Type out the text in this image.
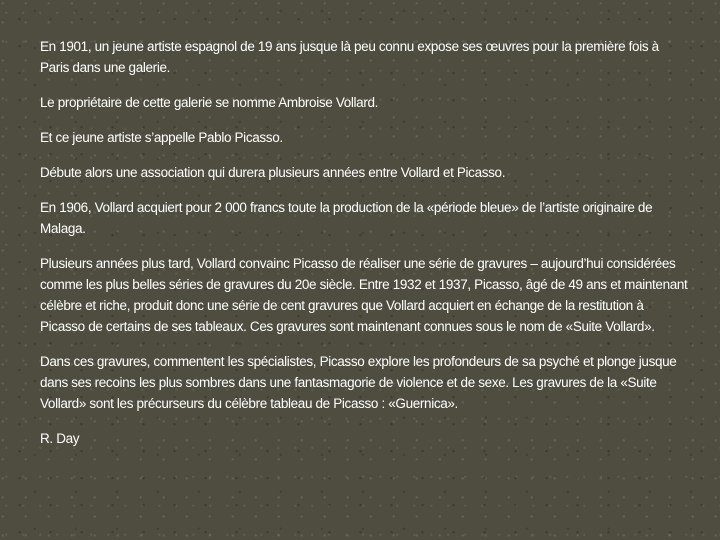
En 1901, un jeune artiste espagnol de 19 ans jusque là peu connu expose ses œuvres pour la première fois à Paris dans une galerie.

Le propriétaire de cette galerie se nomme Ambroise Vollard.

Et ce jeune artiste s’appelle Pablo Picasso.

Débute alors une association qui durera plusieurs années entre Vollard et Picasso.

En 1906, Vollard acquiert pour 2 000 francs toute la production de la «période bleue» de l’artiste originaire de Malaga.

Plusieurs années plus tard, Vollard convainc Picasso de réaliser une série de gravures – aujourd’hui considérées comme les plus belles séries de gravures du 20e siècle. Entre 1932 et 1937, Picasso, âgé de 49 ans et maintenant célèbre et riche, produit donc une série de cent gravures que Vollard acquiert en échange de la restitution à Picasso de certains de ses tableaux. Ces gravures sont maintenant connues sous le nom de «Suite Vollard».

Dans ces gravures, commentent les spécialistes, Picasso explore les profondeurs de sa psyché et plonge jusque dans ses recoins les plus sombres dans une fantasmagorie de violence et de sexe. Les gravures de la «Suite Vollard» sont les précurseurs du célèbre tableau de Picasso : «Guernica».

R. Day
